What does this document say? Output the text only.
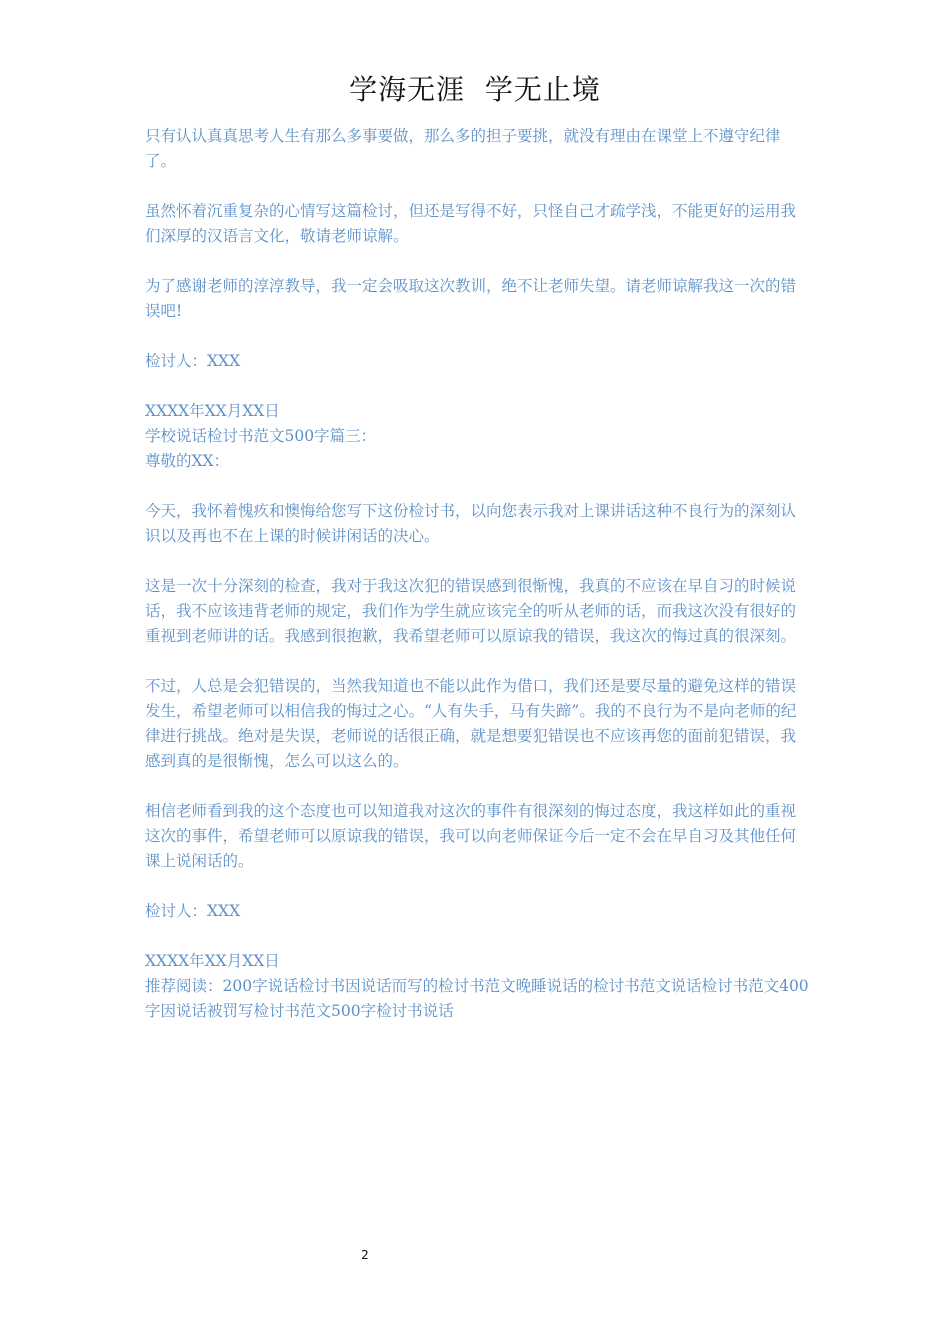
学海无涯  学无止境

只有认认真真思考人生有那么多事要做，那么多的担子要挑，就没有理由在课堂上不遵守纪律了。

虽然怀着沉重复杂的心情写这篇检讨，但还是写得不好，只怪自己才疏学浅，不能更好的运用我们深厚的汉语言文化，敬请老师谅解。

为了感谢老师的淳淳教导，我一定会吸取这次教训，绝不让老师失望。请老师谅解我这一次的错误吧!

检讨人：XXX

XXXX年XX月XX日

学校说话检讨书范文500字篇三：

尊敬的XX：

今天，我怀着愧疚和懊悔给您写下这份检讨书，以向您表示我对上课讲话这种不良行为的深刻认识以及再也不在上课的时候讲闲话的决心。

这是一次十分深刻的检查，我对于我这次犯的错误感到很惭愧，我真的不应该在早自习的时候说话，我不应该违背老师的规定，我们作为学生就应该完全的听从老师的话，而我这次没有很好的重视到老师讲的话。我感到很抱歉，我希望老师可以原谅我的错误，我这次的悔过真的很深刻。

不过，人总是会犯错误的，当然我知道也不能以此作为借口，我们还是要尽量的避免这样的错误发生，希望老师可以相信我的悔过之心。“人有失手，马有失蹄”。我的不良行为不是向老师的纪律进行挑战。绝对是失误，老师说的话很正确，就是想要犯错误也不应该再您的面前犯错误，我感到真的是很惭愧，怎么可以这么的。

相信老师看到我的这个态度也可以知道我对这次的事件有很深刻的悔过态度，我这样如此的重视这次的事件，希望老师可以原谅我的错误，我可以向老师保证今后一定不会在早自习及其他任何课上说闲话的。

检讨人：XXX

XXXX年XX月XX日

推荐阅读：200字说话检讨书因说话而写的检讨书范文晚睡说话的检讨书范文说话检讨书范文400字因说话被罚写检讨书范文500字检讨书说话

2
